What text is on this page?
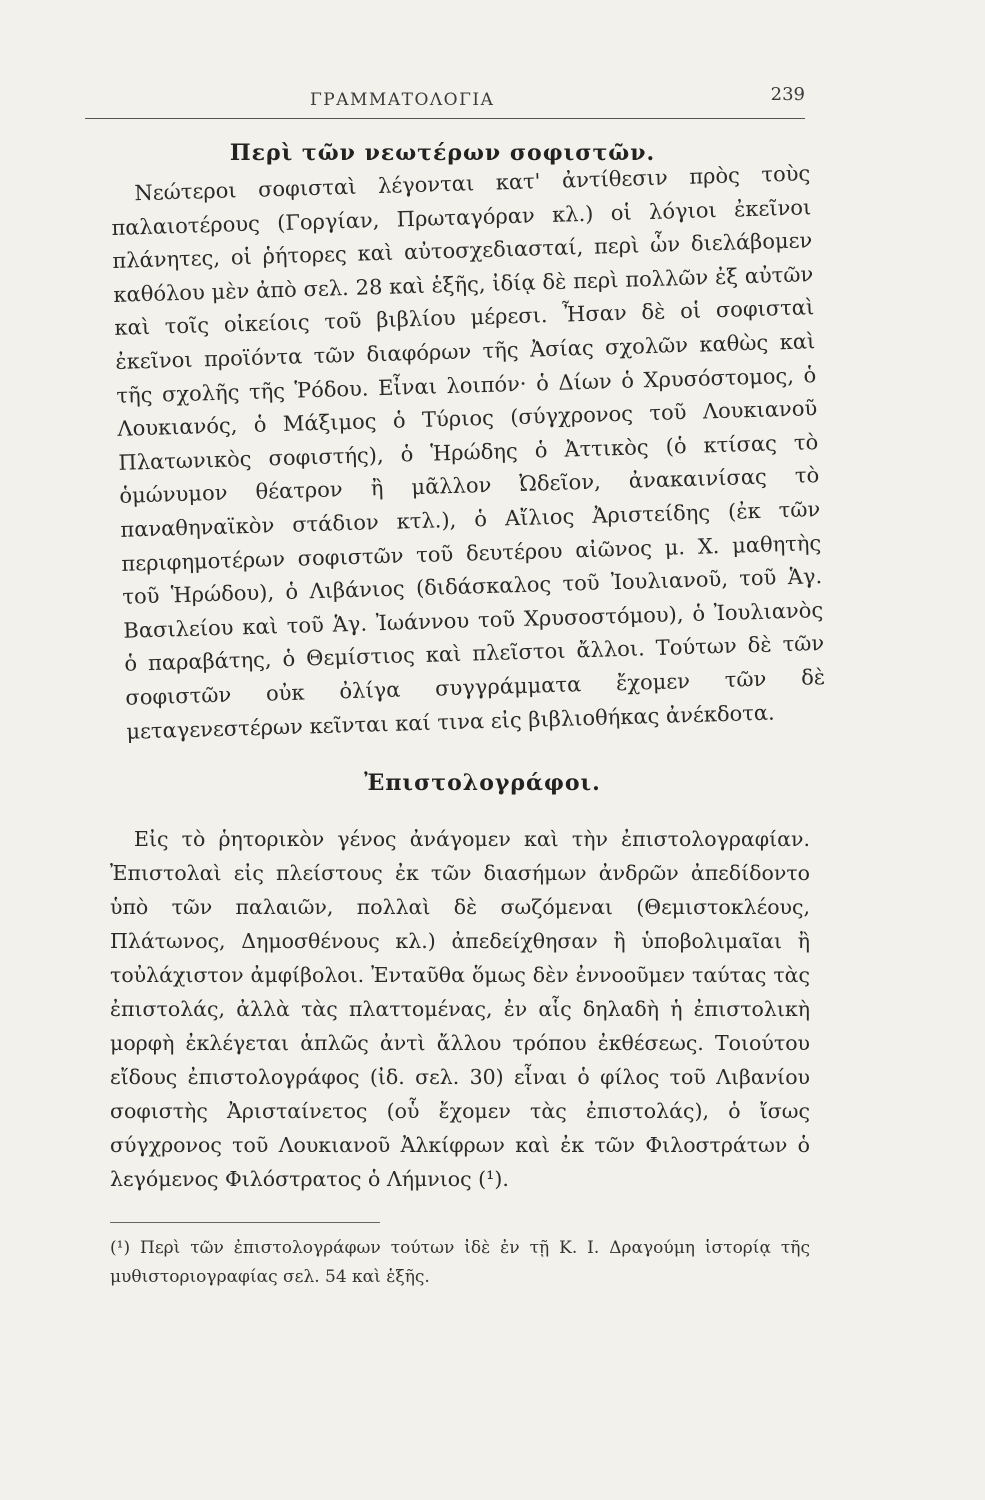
ΓΡΑΜΜΑΤΟΛΟΓΙΑ	239
Περὶ τῶν νεωτέρων σοφιστῶν.
Νεώτεροι σοφισταὶ λέγονται κατ' ἀντίθεσιν πρὸς τοὺς παλαιοτέρους (Γοργίαν, Πρωταγόραν κλ.) οἱ λόγιοι ἐκεῖνοι πλάνητες, οἱ ῥήτορες καὶ αὐτοσχεδιασταί, περὶ ὧν διελάβομεν καθόλου μὲν ἀπὸ σελ. 28 καὶ ἑξῆς, ἰδίᾳ δὲ περὶ πολλῶν ἐξ αὐτῶν καὶ τοῖς οἰκείοις τοῦ βιβλίου μέρεσι. Ἦσαν δὲ οἱ σοφισταὶ ἐκεῖνοι προϊόντα τῶν διαφόρων τῆς Ἀσίας σχολῶν καθὼς καὶ τῆς σχολῆς τῆς Ῥόδου. Εἶναι λοιπόν· ὁ Δίων ὁ Χρυσόστομος, ὁ Λουκιανός, ὁ Μάξιμος ὁ Τύριος (σύγχρονος τοῦ Λουκιανοῦ Πλατωνικὸς σοφιστής), ὁ Ἡρώδης ὁ Ἀττικὸς (ὁ κτίσας τὸ ὁμώνυμον θέατρον ἢ μᾶλλον Ὠδεῖον, ἀνακαινίσας τὸ παναθηναϊκὸν στάδιον κτλ.), ὁ Αἴλιος Ἀριστείδης (ἐκ τῶν περιφημοτέρων σοφιστῶν τοῦ δευτέρου αἰῶνος μ. Χ. μαθητὴς τοῦ Ἡρώδου), ὁ Λιβάνιος (διδάσκαλος τοῦ Ἰουλιανοῦ, τοῦ Ἁγ. Βασιλείου καὶ τοῦ Ἁγ. Ἰωάννου τοῦ Χρυσοστόμου), ὁ Ἰουλιανὸς ὁ παραβάτης, ὁ Θεμίστιος καὶ πλεῖστοι ἄλλοι. Τούτων δὲ τῶν σοφιστῶν οὐκ ὀλίγα συγγράμματα ἔχομεν τῶν δὲ μεταγενεστέρων κεῖνται καί τινα εἰς βιβλιοθήκας ἀνέκδοτα.
Ἐπιστολογράφοι.
Εἰς τὸ ῥητορικὸν γένος ἀνάγομεν καὶ τὴν ἐπιστολογραφίαν. Ἐπιστολαὶ εἰς πλείστους ἐκ τῶν διασήμων ἀνδρῶν ἀπεδίδοντο ὑπὸ τῶν παλαιῶν, πολλαὶ δὲ σωζόμεναι (Θεμιστοκλέους, Πλάτωνος, Δημοσθένους κλ.) ἀπεδείχθησαν ἢ ὑποβολιμαῖαι ἢ τοὐλάχιστον ἀμφίβολοι. Ἐνταῦθα ὅμως δὲν ἐννοοῦμεν ταύτας τὰς ἐπιστολάς, ἀλλὰ τὰς πλαττομένας, ἐν αἷς δηλαδὴ ἡ ἐπιστολικὴ μορφὴ ἐκλέγεται ἁπλῶς ἀντὶ ἄλλου τρόπου ἐκθέσεως. Τοιούτου εἴδους ἐπιστολογράφος (ἰδ. σελ. 30) εἶναι ὁ φίλος τοῦ Λιβανίου σοφιστὴς Ἀρισταίνετος (οὗ ἔχομεν τὰς ἐπιστολάς), ὁ ἴσως σύγχρονος τοῦ Λουκιανοῦ Ἀλκίφρων καὶ ἐκ τῶν Φιλοστράτων ὁ λεγόμενος Φιλόστρατος ὁ Λήμνιος (¹).
(¹) Περὶ τῶν ἐπιστολογράφων τούτων ἰδὲ ἐν τῇ Κ. Ι. Δραγούμη ἱστορίᾳ τῆς μυθιστοριογραφίας σελ. 54 καὶ ἑξῆς.
